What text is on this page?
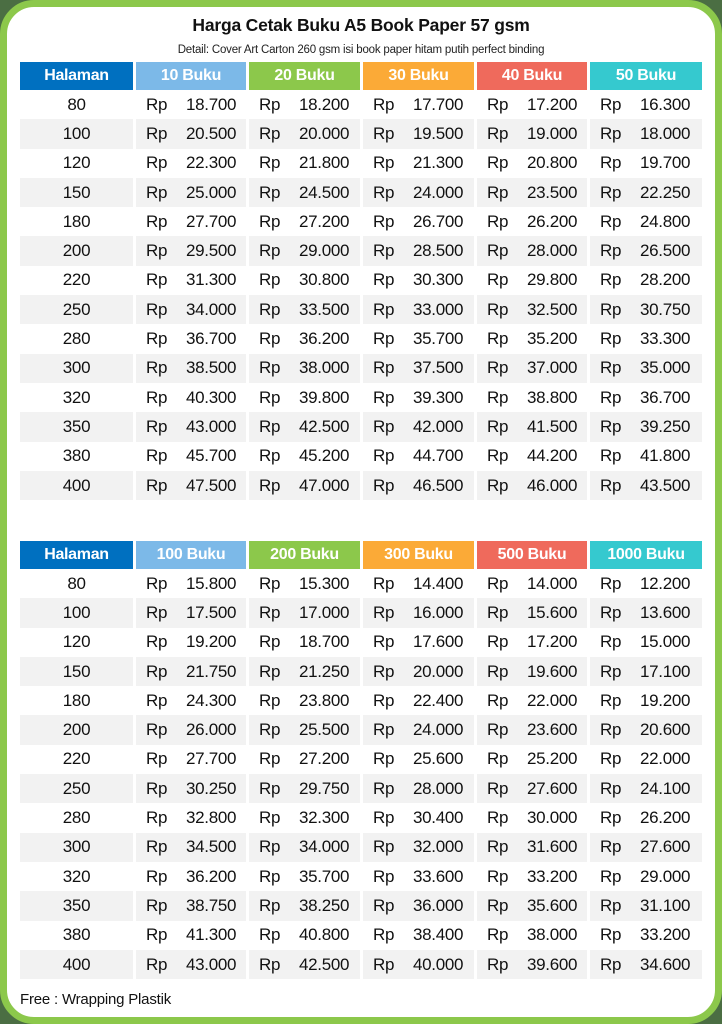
Harga Cetak Buku A5 Book Paper 57 gsm
Detail: Cover Art Carton 260 gsm isi book paper hitam putih perfect binding
Halaman	10 Buku	20 Buku	30 Buku	40 Buku	50 Buku
80	Rp	18.700 Rp	18.200 Rp	17.700 Rp	17.200 Rp	16.300
100	Rp	20.500 Rp	20.000 Rp	19.500 Rp	19.000 Rp	18.000
120	Rp	22.300 Rp	21.800 Rp	21.300 Rp	20.800 Rp	19.700
150	Rp	25.000 Rp	24.500 Rp	24.000 Rp	23.500 Rp	22.250
180	Rp	27.700 Rp	27.200 Rp	26.700 Rp	26.200 Rp	24.800
200	Rp	29.500 Rp	29.000 Rp	28.500 Rp	28.000 Rp	26.500
220	Rp	31.300 Rp	30.800 Rp	30.300 Rp	29.800 Rp	28.200
250	Rp	34.000 Rp	33.500 Rp	33.000 Rp	32.500 Rp	30.750
280	Rp	36.700 Rp	36.200 Rp	35.700 Rp	35.200 Rp	33.300
300	Rp	38.500 Rp	38.000 Rp	37.500 Rp	37.000 Rp	35.000
320	Rp	40.300 Rp	39.800 Rp	39.300 Rp	38.800 Rp	36.700
350	Rp	43.000 Rp	42.500 Rp	42.000 Rp	41.500 Rp	39.250
380	Rp	45.700 Rp	45.200 Rp	44.700 Rp	44.200 Rp	41.800
400	Rp	47.500 Rp	47.000 Rp	46.500 Rp	46.000 Rp	43.500
Halaman	100 Buku	200 Buku	300 Buku	500 Buku	1000 Buku
80	Rp	15.800 Rp	15.300 Rp	14.400 Rp	14.000 Rp	12.200
100	Rp	17.500 Rp	17.000 Rp	16.000 Rp	15.600 Rp	13.600
120	Rp	19.200 Rp	18.700 Rp	17.600 Rp	17.200 Rp	15.000
150	Rp	21.750 Rp	21.250 Rp	20.000 Rp	19.600 Rp	17.100
180	Rp	24.300 Rp	23.800 Rp	22.400 Rp	22.000 Rp	19.200
200	Rp	26.000 Rp	25.500 Rp	24.000 Rp	23.600 Rp	20.600
220	Rp	27.700 Rp	27.200 Rp	25.600 Rp	25.200 Rp	22.000
250	Rp	30.250 Rp	29.750 Rp	28.000 Rp	27.600 Rp	24.100
280	Rp	32.800 Rp	32.300 Rp	30.400 Rp	30.000 Rp	26.200
300	Rp	34.500 Rp	34.000 Rp	32.000 Rp	31.600 Rp	27.600
320	Rp	36.200 Rp	35.700 Rp	33.600 Rp	33.200 Rp	29.000
350	Rp	38.750 Rp	38.250 Rp	36.000 Rp	35.600 Rp	31.100
380	Rp	41.300 Rp	40.800 Rp	38.400 Rp	38.000 Rp	33.200
400	Rp	43.000 Rp	42.500 Rp	40.000 Rp	39.600 Rp	34.600
Free : Wrapping Plastik
